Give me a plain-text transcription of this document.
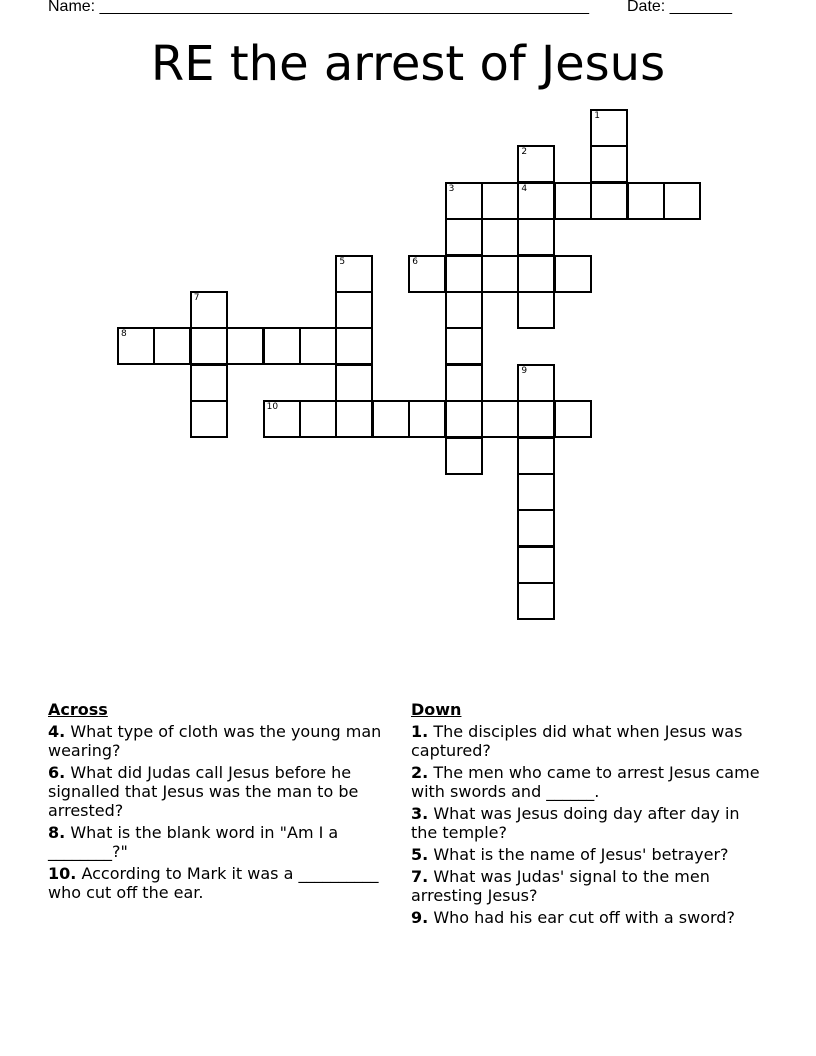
Name: _______________________________________________________ Date: _______
RE the arrest of Jesus
1
2
4
3
5	6
7
8
9
10
Across
4. What type of cloth was the young man wearing?
6. What did Judas call Jesus before he signalled that Jesus was the man to be arrested?
8. What is the blank word in "Am I a ________?"
10. According to Mark it was a __________ who cut off the ear.
Down
1. The disciples did what when Jesus was captured?
2. The men who came to arrest Jesus came with swords and ______.
3. What was Jesus doing day after day in the temple?
5. What is the name of Jesus' betrayer?
7. What was Judas' signal to the men arresting Jesus?
9. Who had his ear cut off with a sword?
